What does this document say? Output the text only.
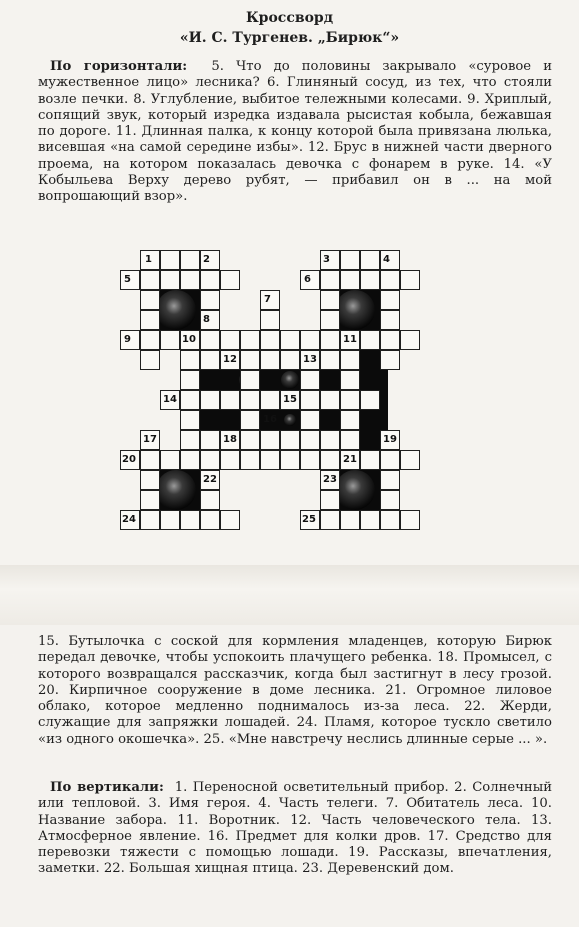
Кроссворд
«И. С. Тургенев. „Бирюк“»

По горизонтали: 5. Что до половины закрывало «суровое и мужественное лицо» лесника? 6. Глиняный сосуд, из тех, что стояли возле печки. 8. Углубление, выбитое тележными колесами. 9. Хриплый, сопящий звук, который изредка издавала рысистая кобыла, бежавшая по дороге. 11. Длинная палка, к концу которой была привязана люлька, висевшая «на самой середине избы». 12. Брус в нижней части дверного проема, на котором показалась девочка с фонарем в руке. 14. «У Кобыльева Верху дерево рубят, — прибавил он в ... на мой вопрошающий взор».

1	2	3	4
5	6
7
8
9	10	11
12	13
14	15
16
17	18	19
20	21
22	23
24	25

15. Бутылочка с соской для кормления младенцев, которую Бирюк передал девочке, чтобы успокоить плачущего ребенка. 18. Промысел, с которого возвращался рассказчик, когда был застигнут в лесу грозой. 20. Кирпичное сооружение в доме лесника. 21. Огромное лиловое облако, которое медленно поднималось из-за леса. 22. Жерди, служащие для запряжки лошадей. 24. Пламя, которое тускло светило «из одного окошечка». 25. «Мне навстречу неслись длинные серые ... ».

По вертикали: 1. Переносной осветительный прибор. 2. Солнечный или тепловой. 3. Имя героя. 4. Часть телеги. 7. Обитатель леса. 10. Название забора. 11. Воротник. 12. Часть человеческого тела. 13. Атмосферное явление. 16. Предмет для колки дров. 17. Средство для перевозки тяжести с помощью лошади. 19. Рассказы, впечатления, заметки. 22. Большая хищная птица. 23. Деревенский дом.
